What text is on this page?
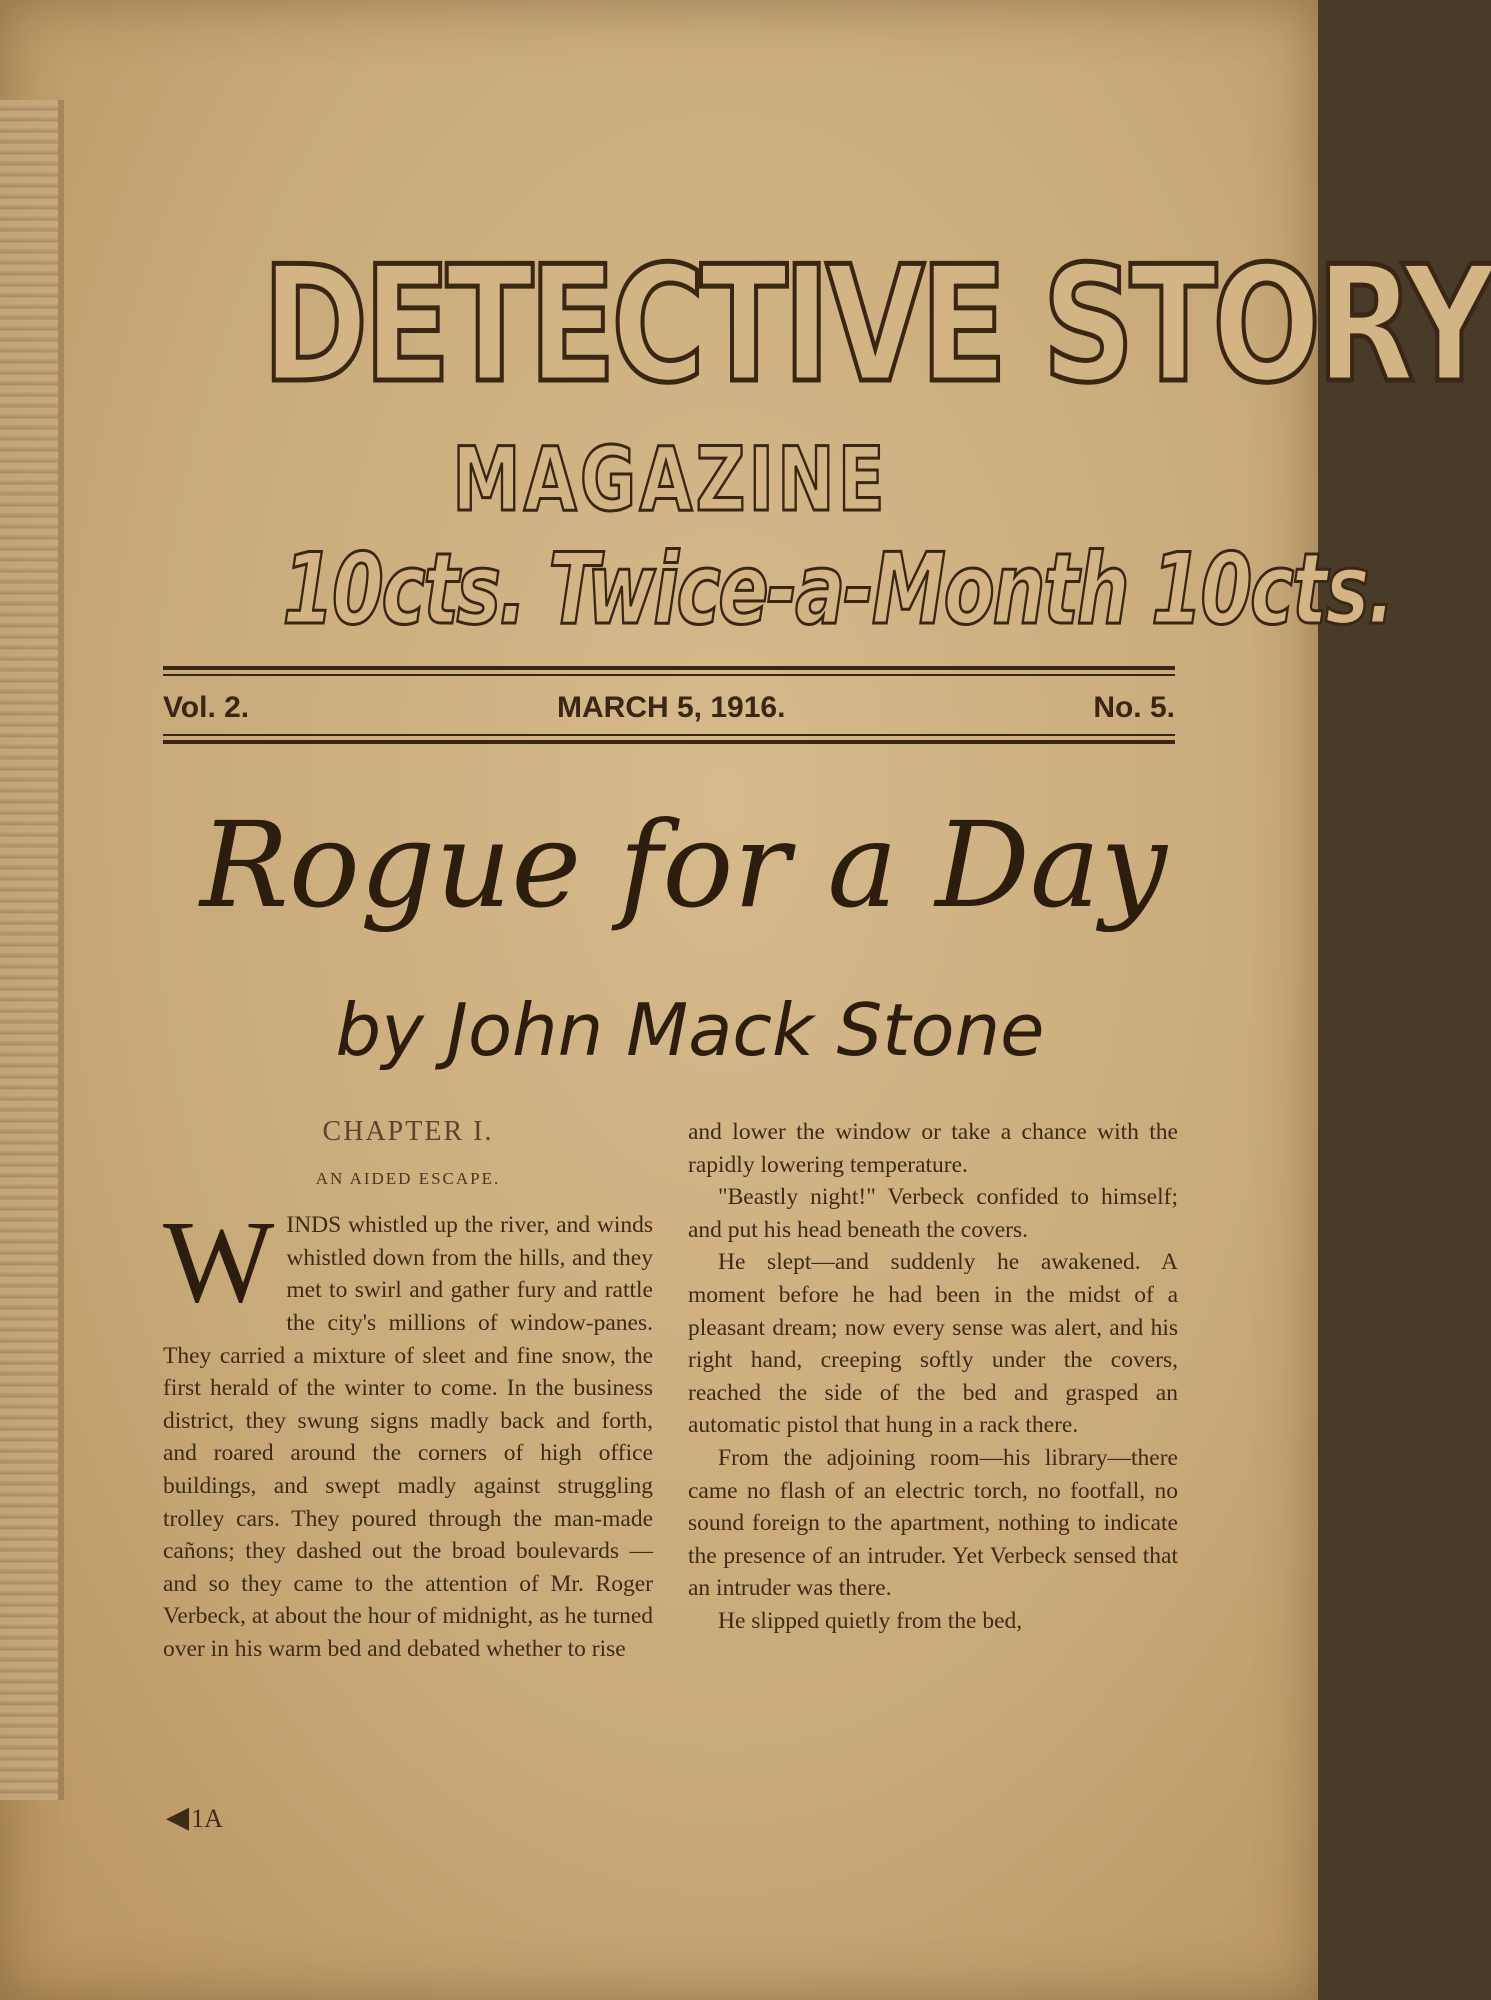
DETECTIVE STORY
MAGAZINE
10cts. Twice-a-Month 10cts.
Vol. 2.	MARCH 5, 1916.	No. 5.
Rogue for a Day
by John Mack Stone
CHAPTER I.
AN AIDED ESCAPE.

WINDS whistled up the river, and winds whistled down from the hills, and they met to swirl and gather fury and rattle the city's millions of window-panes. They carried a mixture of sleet and fine snow, the first herald of the winter to come. In the business district, they swung signs madly back and forth, and roared around the corners of high office buildings, and swept madly against struggling trolley cars. They poured through the man-made cañons; they dashed out the broad boulevards —and so they came to the attention of Mr. Roger Verbeck, at about the hour of midnight, as he turned over in his warm bed and debated whether to rise

and lower the window or take a chance with the rapidly lowering temperature.

"Beastly night!" Verbeck confided to himself; and put his head beneath the covers.

He slept—and suddenly he awakened. A moment before he had been in the midst of a pleasant dream; now every sense was alert, and his right hand, creeping softly under the covers, reached the side of the bed and grasped an automatic pistol that hung in a rack there.

From the adjoining room—his library—there came no flash of an electric torch, no footfall, no sound foreign to the apartment, nothing to indicate the presence of an intruder. Yet Verbeck sensed that an intruder was there.

He slipped quietly from the bed,

◀1A
